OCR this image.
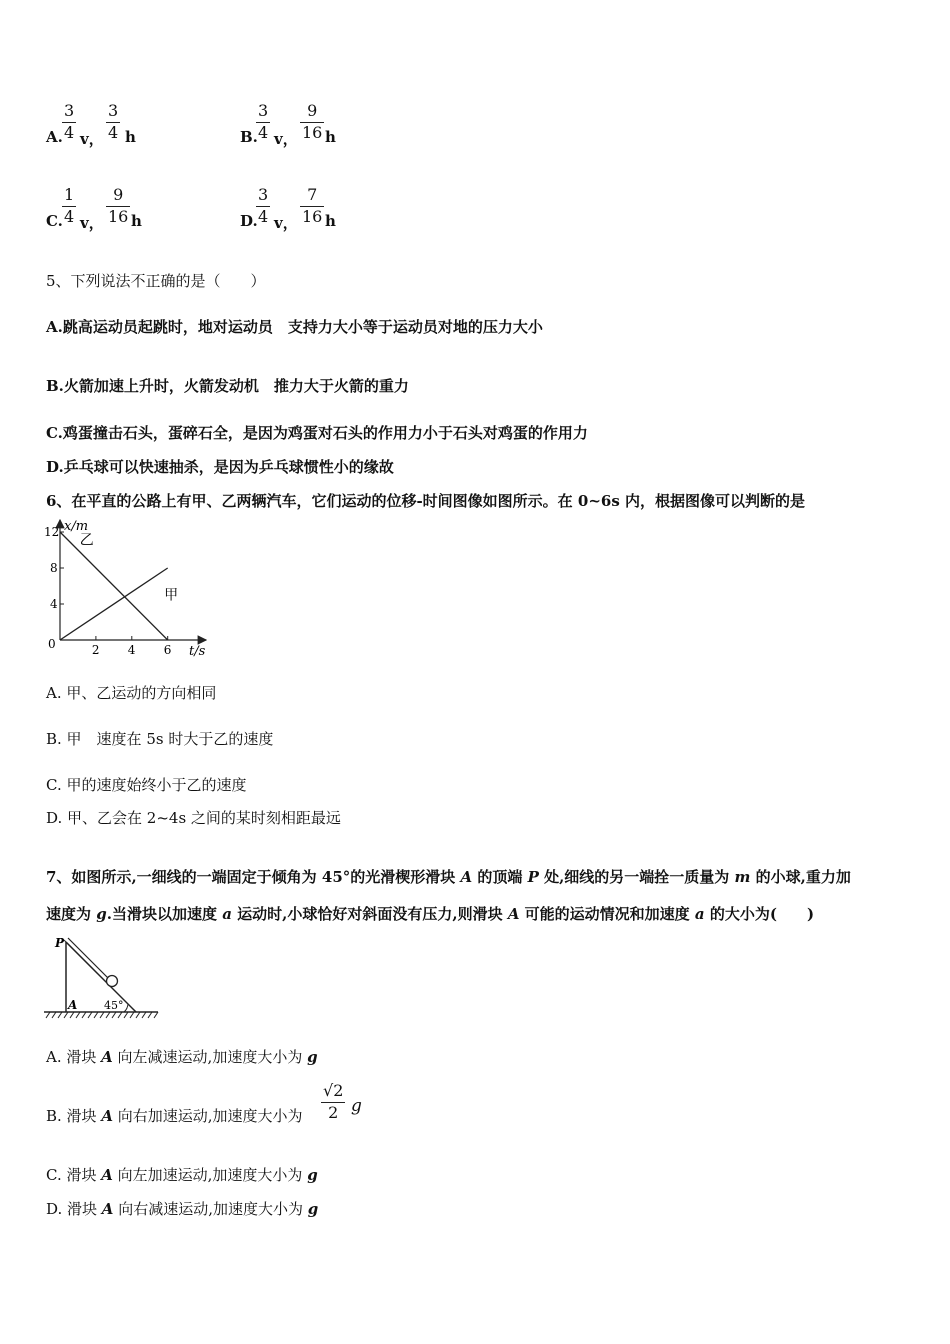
A.
3
4 v，
3
4 h	B.
3
4 v，
9
16 h
C.
1
4 v，
9
16 h	D.
3
4 v，
7
16 h
5、下列说法不正确的是（　　）
A.跳高运动员起跳时，地对运动员　支持力大小等于运动员对地的压力大小
B.火箭加速上升时，火箭发动机　推力大于火箭的重力
C.鸡蛋撞击石头，蛋碎石全，是因为鸡蛋对石头的作用力小于石头对鸡蛋的作用力
D.乒乓球可以快速抽杀，是因为乒乓球惯性小的缘故
6、在平直的公路上有甲、乙两辆汽车，它们运动的位移-时间图像如图所示。在 0~6s 内，根据图像可以判断的是
x/m
t/s
0	2 4 6
4
8
12
乙
甲
A. 甲、乙运动的方向相同
B. 甲　速度在 5s 时大于乙的速度
C. 甲的速度始终小于乙的速度
D. 甲、乙会在 2~4s 之间的某时刻相距最远
7、如图所示,一细线的一端固定于倾角为 45°的光滑楔形滑块 A 的顶端 P 处,细线的另一端拴一质量为 m 的小球,重力加
速度为 g.当滑块以加速度 a 运动时,小球恰好对斜面没有压力,则滑块 A 可能的运动情况和加速度 a 的大小为(　　)
P
A 45°
A. 滑块 A 向左减速运动,加速度大小为 g
B. 滑块 A 向右加速运动,加速度大小为
√2
2 g
C. 滑块 A 向左加速运动,加速度大小为 g
D. 滑块 A 向右减速运动,加速度大小为 g
